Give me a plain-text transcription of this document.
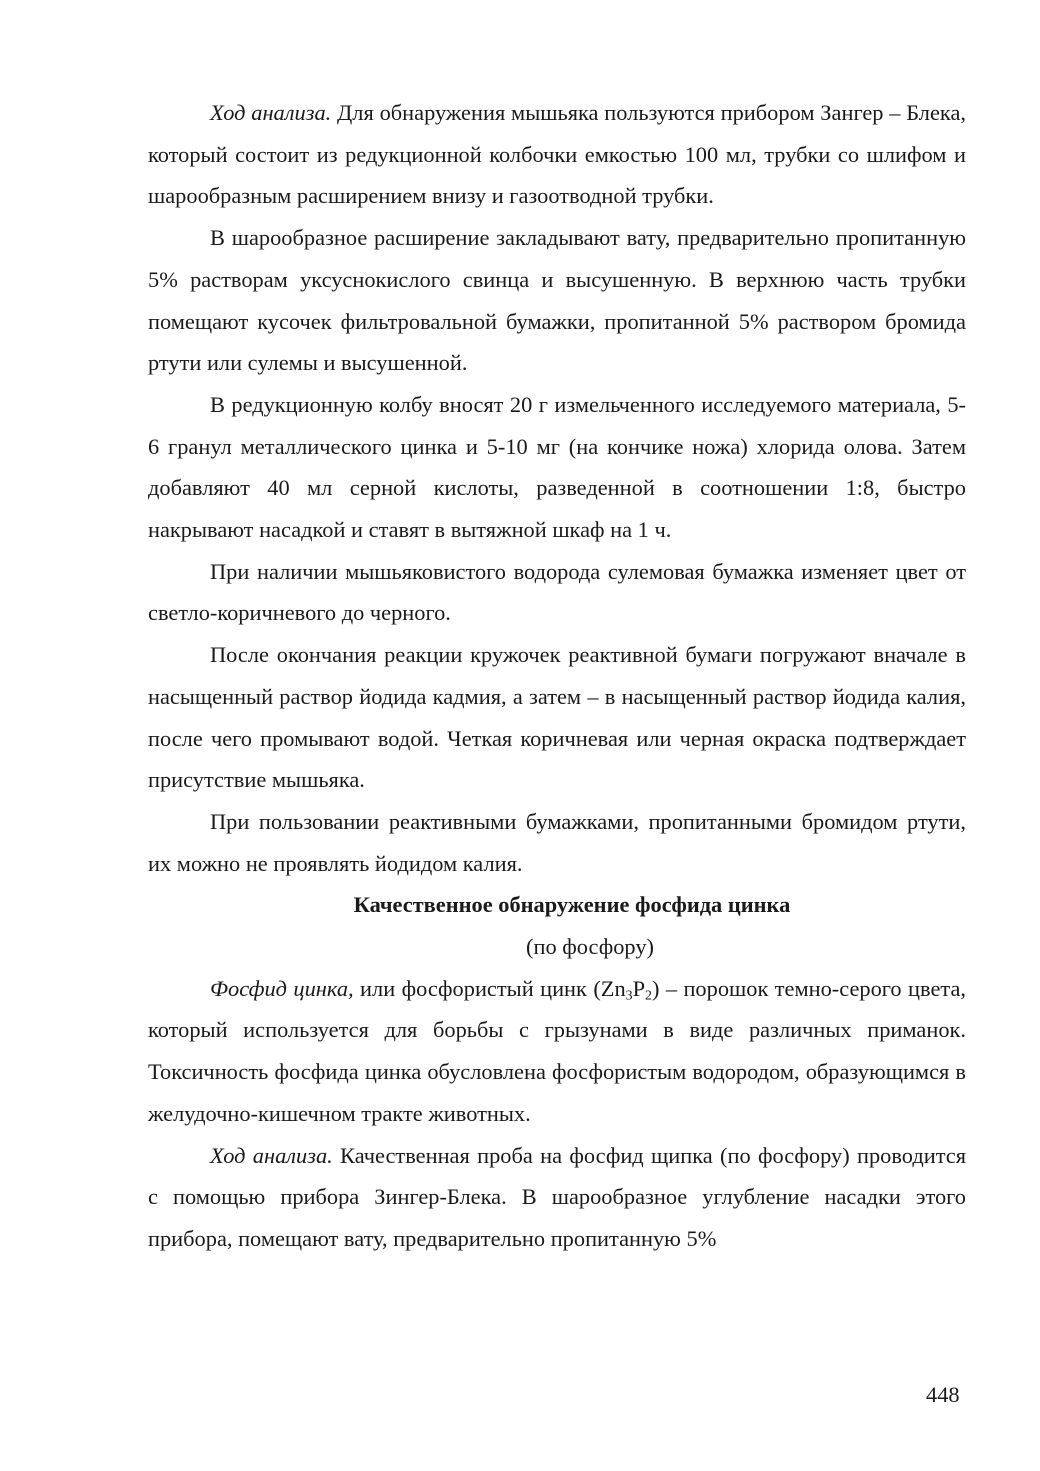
Ход анализа. Для обнаружения мышьяка пользуются прибором Зангер – Блека, который состоит из редукционной колбочки емкостью 100 мл, трубки со шлифом и шарообразным расширением внизу и газоотводной трубки.

В шарообразное расширение закладывают вату, предварительно пропитанную 5% растворам уксуснокислого свинца и высушенную. В верхнюю часть трубки помещают кусочек фильтровальной бумажки, пропитанной 5% раствором бромида ртути или сулемы и высушенной.

В редукционную колбу вносят 20 г измельченного исследуемого материала, 5-6 гранул металлического цинка и 5-10 мг (на кончике ножа) хлорида олова. Затем добавляют 40 мл серной кислоты, разведенной в соотношении 1:8, быстро накрывают насадкой и ставят в вытяжной шкаф на 1 ч.

При наличии мышьяковистого водорода сулемовая бумажка изменяет цвет от светло-коричневого до черного.

После окончания реакции кружочек реактивной бумаги погружают вначале в насыщенный раствор йодида кадмия, а затем – в насыщенный раствор йодида калия, после чего промывают водой. Четкая коричневая или черная окраска подтверждает присутствие мышьяка.

При пользовании реактивными бумажками, пропитанными бромидом ртути, их можно не проявлять йодидом калия.

Качественное обнаружение фосфида цинка

(по фосфору)

Фосфид цинка, или фосфористый цинк $(Zn_3P_2)$ – порошок темно-серого цвета, который используется для борьбы с грызунами в виде различных приманок. Токсичность фосфида цинка обусловлена фосфористым водородом, образующимся в желудочно-кишечном тракте животных.

Ход анализа. Качественная проба на фосфид щипка (по фосфору) проводится с помощью прибора Зингер-Блека. В шарообразное углубление насадки этого прибора, помещают вату, предварительно пропитанную 5%

448
